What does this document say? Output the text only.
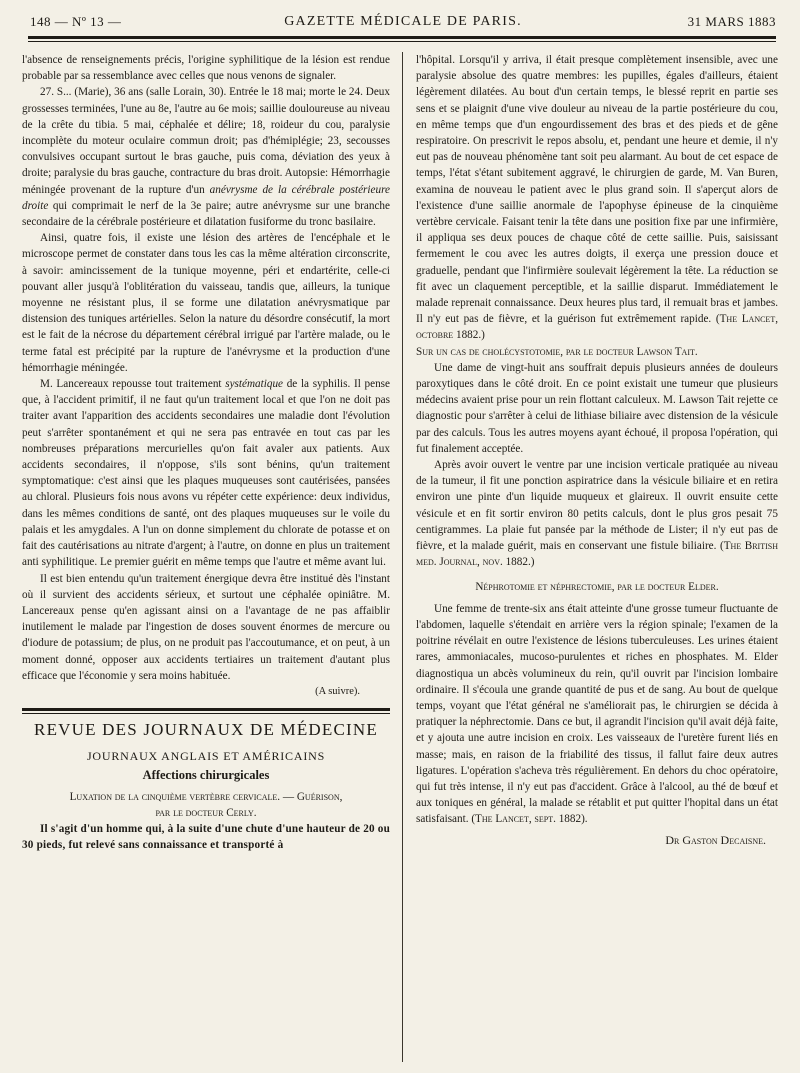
148 — Nº 13 —	GAZETTE MÉDICALE DE PARIS.	31 MARS 1883

l'absence de renseignements précis, l'origine syphilitique de la lésion est rendue probable par sa ressemblance avec celles que nous venons de signaler.

27. S... (Marie), 36 ans (salle Lorain, 30). Entrée le 18 mai; morte le 24. Deux grossesses terminées, l'une au 8e, l'autre au 6e mois; saillie douloureuse au niveau de la crête du tibia. 5 mai, céphalée et délire; 18, roideur du cou, paralysie incomplète du moteur oculaire commun droit; pas d'hémiplégie; 23, secousses convulsives occupant surtout le bras gauche, puis coma, déviation des yeux à droite; paralysie du bras gauche, contracture du bras droit. Autopsie: Hémorrhagie méningée provenant de la rupture d'un anévrysme de la cérébrale postérieure droite qui comprimait le nerf de la 3e paire; autre anévrysme sur une branche secondaire de la cérébrale postérieure et dilatation fusiforme du tronc basilaire.

Ainsi, quatre fois, il existe une lésion des artères de l'encéphale et le microscope permet de constater dans tous les cas la même altération circonscrite, à savoir: amincissement de la tunique moyenne, péri et endartérite, celle-ci pouvant aller jusqu'à l'oblitération du vaisseau, tandis que, ailleurs, la tunique moyenne ne résistant plus, il se forme une dilatation anévrysmatique par distension des tuniques artérielles. Selon la nature du désordre consécutif, la mort est le fait de la nécrose du département cérébral irrigué par l'artère malade, ou le terme fatal est précipité par la rupture de l'anévrysme et la production d'une hémorrhagie méningée.

M. Lancereaux repousse tout traitement systématique de la syphilis. Il pense que, à l'accident primitif, il ne faut qu'un traitement local et que l'on ne doit pas traiter avant l'apparition des accidents secondaires une maladie dont l'évolution peut s'arrêter spontanément et qui ne sera pas entravée en tout cas par les nombreuses préparations mercurielles qu'on fait avaler aux patients. Aux accidents secondaires, il n'oppose, s'ils sont bénins, qu'un traitement symptomatique: c'est ainsi que les plaques muqueuses sont cautérisées, pansées au chloral. Plusieurs fois nous avons vu répéter cette expérience: deux individus, dans les mêmes conditions de santé, ont des plaques muqueuses sur le voile du palais et les amygdales. A l'un on donne simplement du chlorate de potasse et on fait des cautérisations au nitrate d'argent; à l'autre, on donne en plus un traitement anti syphilitique. Le premier guérit en même temps que l'autre et même avant lui.

Il est bien entendu qu'un traitement énergique devra être institué dès l'instant où il survient des accidents sérieux, et surtout une céphalée opiniâtre. M. Lancereaux pense qu'en agissant ainsi on a l'avantage de ne pas affaiblir inutilement le malade par l'ingestion de doses souvent énormes de mercure ou d'iodure de potassium; de plus, on ne produit pas l'accoutumance, et on peut, à un moment donné, opposer aux accidents tertiaires un traitement d'autant plus efficace que l'économie y sera moins habituée.

(A suivre).

REVUE DES JOURNAUX DE MÉDECINE
JOURNAUX ANGLAIS ET AMÉRICAINS
Affections chirurgicales

Luxation de la cinquième vertèbre cervicale. — Guérison,

par le docteur Cerly.

Il s'agit d'un homme qui, à la suite d'une chute d'une hauteur de 20 ou 30 pieds, fut relevé sans connaissance et transporté à

l'hôpital. Lorsqu'il y arriva, il était presque complètement insensible, avec une paralysie absolue des quatre membres: les pupilles, égales d'ailleurs, étaient légèrement dilatées. Au bout d'un certain temps, le blessé reprit en partie ses sens et se plaignit d'une vive douleur au niveau de la partie postérieure du cou, en même temps que d'un engourdissement des bras et des pieds et de gêne respiratoire. On prescrivit le repos absolu, et, pendant une heure et demie, il n'y eut pas de nouveau phénomène tant soit peu alarmant. Au bout de cet espace de temps, l'état s'étant subitement aggravé, le chirurgien de garde, M. Van Buren, examina de nouveau le patient avec le plus grand soin. Il s'aperçut alors de l'existence d'une saillie anormale de l'apophyse épineuse de la cinquième vertèbre cervicale. Faisant tenir la tête dans une position fixe par une infirmière, il appliqua ses deux pouces de chaque côté de cette saillie. Puis, saisissant fermement le cou avec les autres doigts, il exerça une pression douce et graduelle, pendant que l'infirmière soulevait légèrement la tête. La réduction se fit avec un claquement perceptible, et la saillie disparut. Immédiatement le malade reprenait connaissance. Deux heures plus tard, il remuait bras et jambes. Il n'y eut pas de fièvre, et la guérison fut extrêmement rapide. (The Lancet, octobre 1882.)

Sur un cas de cholécystotomie, par le docteur Lawson Tait.

Une dame de vingt-huit ans souffrait depuis plusieurs années de douleurs paroxytiques dans le côté droit. En ce point existait une tumeur que plusieurs médecins avaient prise pour un rein flottant calculeux. M. Lawson Tait rejette ce diagnostic pour s'arrêter à celui de lithiase biliaire avec distension de la vésicule par des calculs. Tous les autres moyens ayant échoué, il proposa l'opération, qui fut finalement acceptée.

Après avoir ouvert le ventre par une incision verticale pratiquée au niveau de la tumeur, il fit une ponction aspiratrice dans la vésicule biliaire et en retira environ une pinte d'un liquide muqueux et glaireux. Il ouvrit ensuite cette vésicule et en fit sortir environ 80 petits calculs, dont le plus gros pesait 75 centigrammes. La plaie fut pansée par la méthode de Lister; il n'y eut pas de fièvre, et la malade guérit, mais en conservant une fistule biliaire. (The British med. Journal, nov. 1882.)

Néphrotomie et néphrectomie, par le docteur Elder.

Une femme de trente-six ans était atteinte d'une grosse tumeur fluctuante de l'abdomen, laquelle s'étendait en arrière vers la région spinale; l'examen de la poitrine révélait en outre l'existence de lésions tuberculeuses. Les urines étaient rares, ammoniacales, mucoso-purulentes et riches en phosphates. M. Elder diagnostiqua un abcès volumineux du rein, qu'il ouvrit par l'incision lombaire ordinaire. Il s'écoula une grande quantité de pus et de sang. Au bout de quelque temps, voyant que l'état général ne s'améliorait pas, le chirurgien se décida à pratiquer la néphrectomie. Dans ce but, il agrandit l'incision qu'il avait déjà faite, et y ajouta une autre incision en croix. Les vaisseaux de l'uretère furent liés en masse; mais, en raison de la friabilité des tissus, il fallut faire deux autres ligatures. L'opération s'acheva très régulièrement. En dehors du choc opératoire, qui fut très intense, il n'y eut pas d'accident. Grâce à l'alcool, au thé de bœuf et aux toniques en général, la malade se rétablit et put quitter l'hopital dans un état satisfaisant. (The Lancet, sept. 1882).

Dr Gaston Decaisne.
